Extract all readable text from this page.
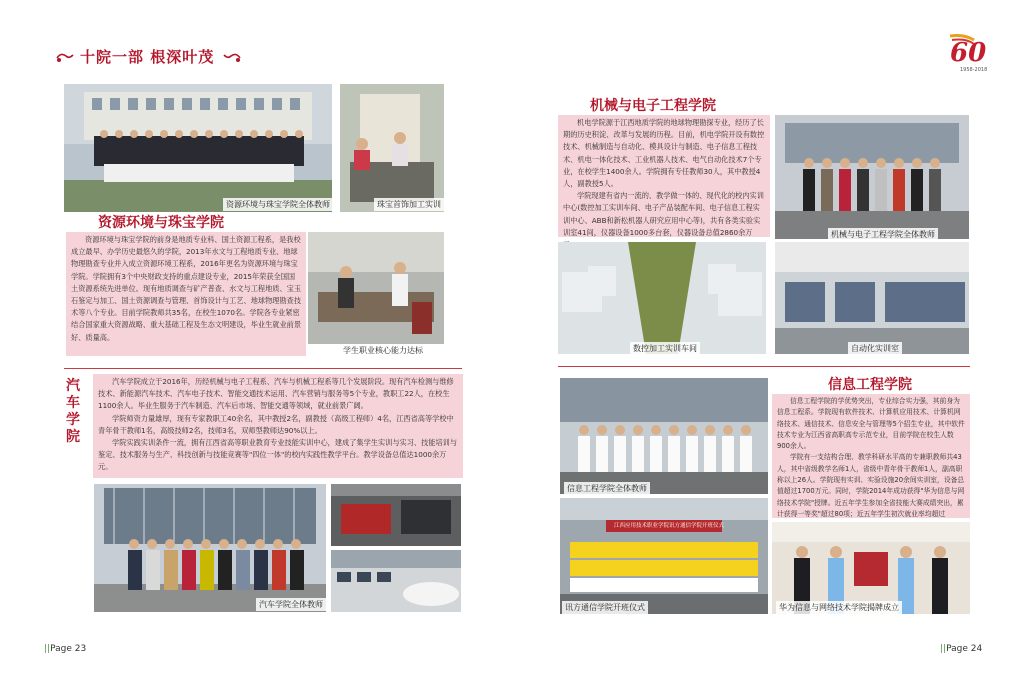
十院一部 根深叶茂	60
1958-2018
资源环境与珠宝学院全体教师	珠宝首饰加工实训
资源环境与珠宝学院
资源环境与珠宝学院的前身是地质专业科、国土资源工程系，是我校成立最早、办学历史最悠久的学院，2013年水文与工程地质专业、地球物理勘查专业并入成立资源环境工程系，2016年更名为资源环境与珠宝学院。学院拥有3个中央财政支持的重点建设专业，2015年荣获全国国土资源系统先进单位。现有地质调查与矿产普查、水文与工程地质、宝玉石鉴定与加工、国土资源调查与管理、首饰设计与工艺、地球物理勘查技术等八个专业。目前学院教师共35名，在校生1070名。学院各专业紧密结合国家重大资源战略、重大基础工程及生态文明建设，毕业生就业前景好、质量高。
学生职业核心能力达标
汽车学院
汽车学院成立于2016年，历经机械与电子工程系、汽车与机械工程系等几个发展阶段。现有汽车检测与维修技术、新能源汽车技术、汽车电子技术、智能交通技术运用、汽车营销与服务等5个专业，教职工22人，在校生1100余人。毕业生服务于汽车制造、汽车后市场、智能交通等领域，就业前景广阔。
学院师资力量雄厚，现有专家教职工40余名，其中教授2名，副教授（高级工程师）4名，江西省高等学校中青年骨干教师1名，高级技师2名，技师3名，双师型教师达90%以上。
学院实践实训条件一流，拥有江西省高等职业教育专业技能实训中心，建成了集学生实训与实习、技能培训与鉴定、技术服务与生产、科技创新与技能竞赛等"四位一体"的校内实践性教学平台。教学设备总值达1000余万元。
汽车学院全体教师
||Page 23
机械与电子工程学院
机电学院源于江西地质学院的地球物理勘探专业，经历了长期的历史积淀、改革与发展的历程。目前，机电学院开设有数控技术、机械制造与自动化、模具设计与制造、电子信息工程技术、机电一体化技术、工业机器人技术、电气自动化技术7个专业，在校学生1400余人。学院拥有专任教师30人，其中教授4人，副教授5人。
学院现建有省内一流的、教学做一体的、现代化的校内实训中心(数控加工实训车间、电子产品装配车间、电子信息工程实训中心、ABB和新松机器人研究应用中心等)，共有各类实验实训室41间，仪器设备1000多台套，仪器设备总值2860余万	机械与电子工程学院全体教师
数控加工实训车间	自动化实训室
信息工程学院全体教师
信息工程学院
信息工程学院的学优势突出，专业综合实力强，其前身为信息工程系。学院现有软件技术、计算机应用技术、计算机网络技术、通信技术、信息安全与管理等5个招生专业，其中软件技术专业为江西省高职高专示范专业，目前学院在校生人数900余人。
学院有一支结构合理、教学科研水平高的专兼职教师共43人，其中省级教学名师1人，省级中青年骨干教师1人，副高职称以上26人。学院现有实训、实验设施20余间实训室，设备总值超过1700万元。同时，学院2014年成功获得"华为信息与网络技术学院"授牌。近五年学生参加全省技能大赛成绩突出，累计获得一等奖"超过80项；近五年学生初次就业率均超过
江西应用技术职业学院讯方通信学院开班仪式
讯方通信学院开班仪式	华为信息与网络技术学院揭牌成立
||Page 24
